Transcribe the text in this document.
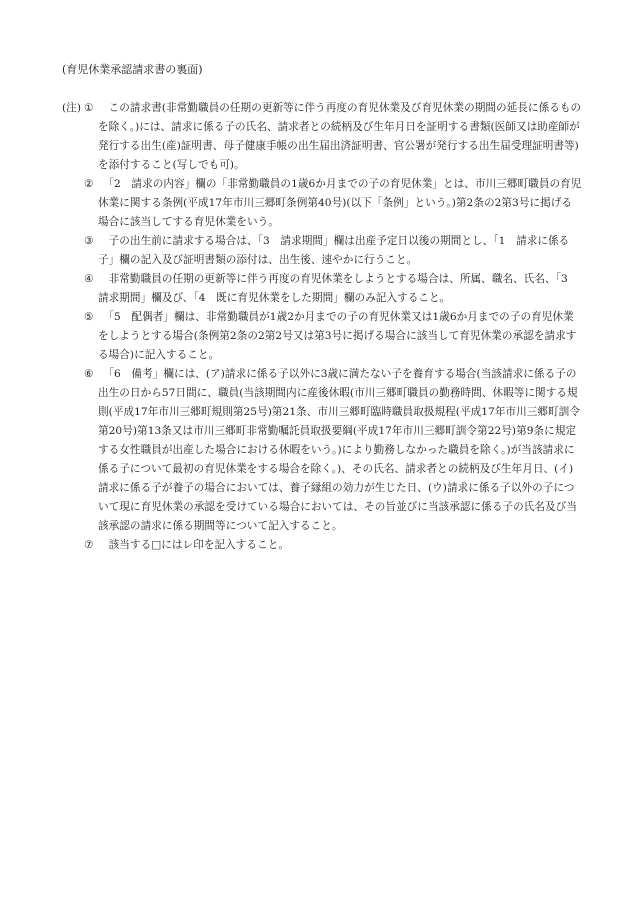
(育児休業承認請求書の裏面)
(注) ① 　この請求書(非常勤職員の任期の更新等に伴う再度の育児休業及び育児休業の期間の延長に係るものを除く。)には、請求に係る子の氏名、請求者との続柄及び生年月日を証明する書類(医師又は助産師が発行する出生(産)証明書、母子健康手帳の出生届出済証明書、官公署が発行する出生届受理証明書等)を添付すること(写しでも可)。

② 　「2　請求の内容」欄の「非常勤職員の1歳6か月までの子の育児休業」とは、市川三郷町職員の育児休業に関する条例(平成17年市川三郷町条例第40号)(以下「条例」という。)第2条の2第3号に掲げる場合に該当してする育児休業をいう。

③ 　子の出生前に請求する場合は、「3　請求期間」欄は出産予定日以後の期間とし、「1　請求に係る子」欄の記入及び証明書類の添付は、出生後、速やかに行うこと。

④ 　非常勤職員の任期の更新等に伴う再度の育児休業をしようとする場合は、所属、職名、氏名、「3　請求期間」欄及び、「4　既に育児休業をした期間」欄のみ記入すること。

⑤ 　「5　配偶者」欄は、非常勤職員が1歳2か月までの子の育児休業又は1歳6か月までの子の育児休業をしようとする場合(条例第2条の2第2号又は第3号に掲げる場合に該当して育児休業の承認を請求する場合)に記入すること。

⑥ 　「6　備考」欄には、(ア)請求に係る子以外に3歳に満たない子を養育する場合(当該請求に係る子の出生の日から57日間に、職員(当該期間内に産後休暇(市川三郷町職員の勤務時間、休暇等に関する規則(平成17年市川三郷町規則第25号)第21条、市川三郷町臨時職員取扱規程(平成17年市川三郷町訓令第20号)第13条又は市川三郷町非常勤嘱託員取扱要綱(平成17年市川三郷町訓令第22号)第9条に規定する女性職員が出産した場合における休暇をいう。)により勤務しなかった職員を除く。)が当該請求に係る子について最初の育児休業をする場合を除く。)、その氏名、請求者との続柄及び生年月日、(イ)請求に係る子が養子の場合においては、養子縁組の効力が生じた日、(ウ)請求に係る子以外の子について現に育児休業の承認を受けている場合においては、その旨並びに当該承認に係る子の氏名及び当該承認の請求に係る期間等について記入すること。

⑦ 　該当する□にはレ印を記入すること。
